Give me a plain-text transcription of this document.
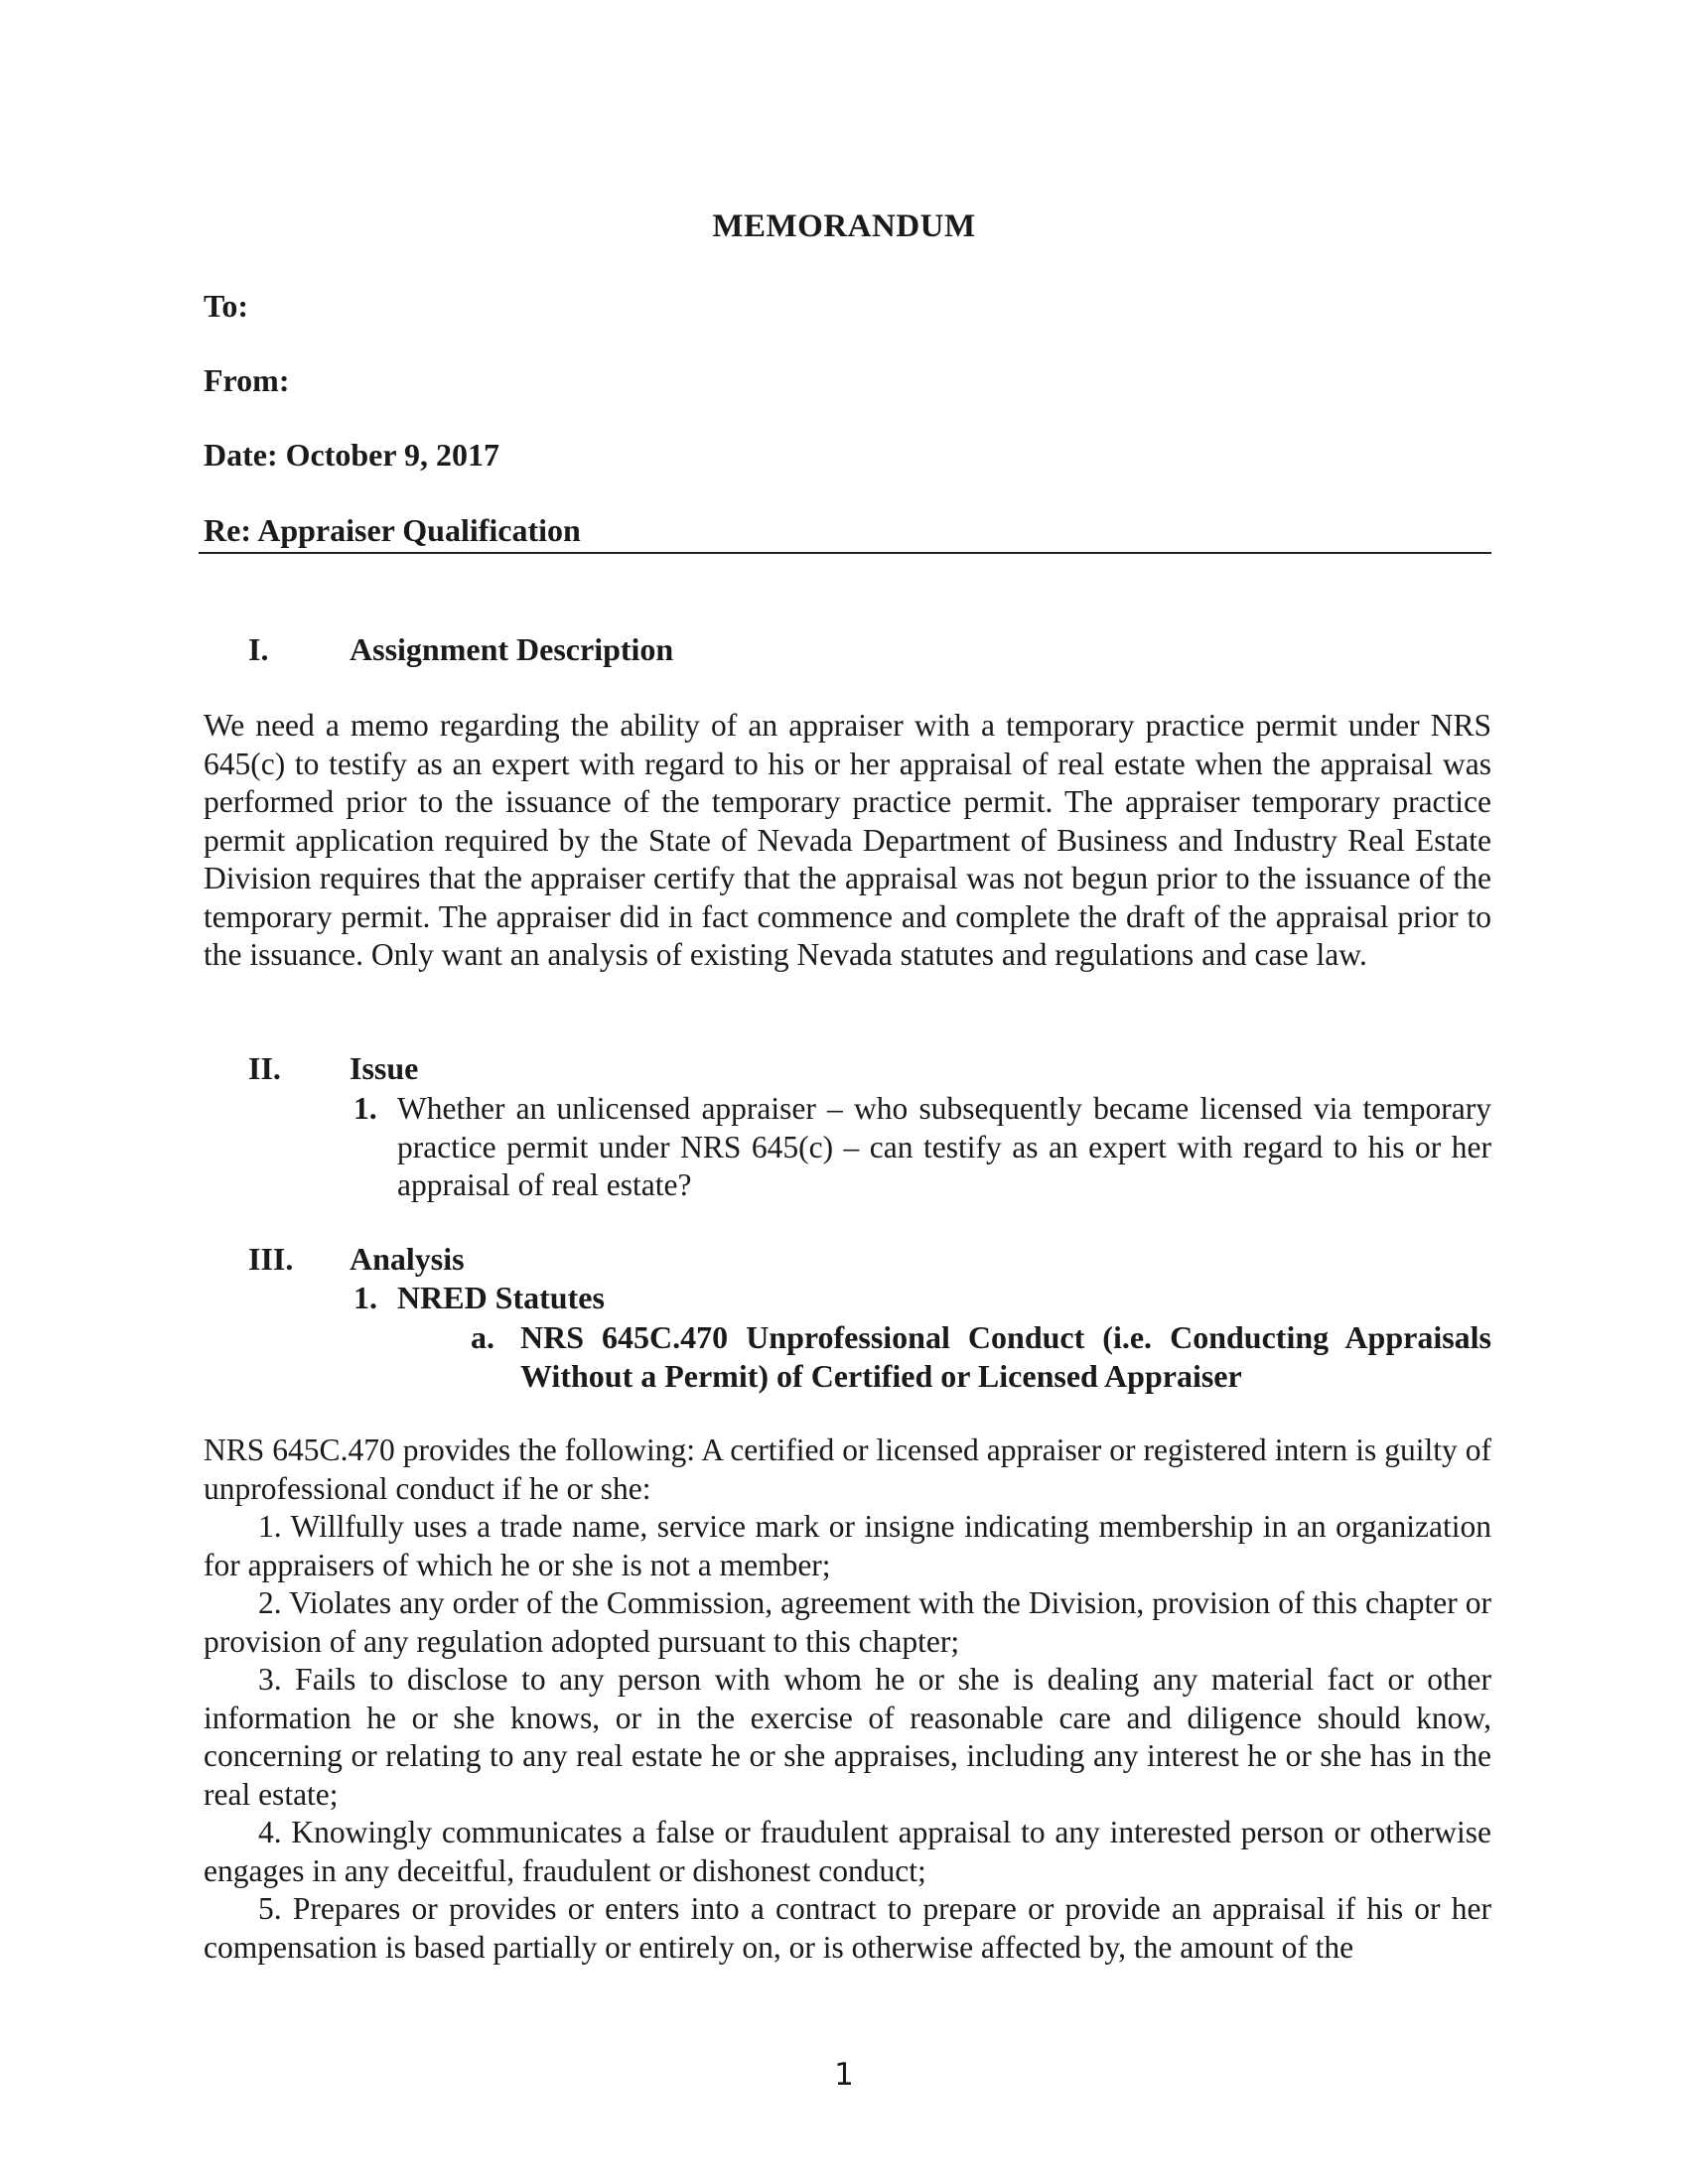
MEMORANDUM
To:
From:
Date: October 9, 2017
Re: Appraiser Qualification
I.	Assignment Description
We need a memo regarding the ability of an appraiser with a temporary practice permit under NRS 645(c) to testify as an expert with regard to his or her appraisal of real estate when the appraisal was performed prior to the issuance of the temporary practice permit. The appraiser temporary practice permit application required by the State of Nevada Department of Business and Industry Real Estate Division requires that the appraiser certify that the appraisal was not begun prior to the issuance of the temporary permit. The appraiser did in fact commence and complete the draft of the appraisal prior to the issuance. Only want an analysis of existing Nevada statutes and regulations and case law.
II. Issue
1. Whether an unlicensed appraiser – who subsequently became licensed via temporary practice permit under NRS 645(c) – can testify as an expert with regard to his or her appraisal of real estate?
III. Analysis
1. NRED Statutes
a. NRS 645C.470 Unprofessional Conduct (i.e. Conducting Appraisals Without a Permit) of Certified or Licensed Appraiser

NRS 645C.470 provides the following: A certified or licensed appraiser or registered intern is guilty of unprofessional conduct if he or she:

1. Willfully uses a trade name, service mark or insigne indicating membership in an organization for appraisers of which he or she is not a member;

2. Violates any order of the Commission, agreement with the Division, provision of this chapter or provision of any regulation adopted pursuant to this chapter;

3. Fails to disclose to any person with whom he or she is dealing any material fact or other information he or she knows, or in the exercise of reasonable care and diligence should know, concerning or relating to any real estate he or she appraises, including any interest he or she has in the real estate;

4. Knowingly communicates a false or fraudulent appraisal to any interested person or otherwise engages in any deceitful, fraudulent or dishonest conduct;

5. Prepares or provides or enters into a contract to prepare or provide an appraisal if his or her compensation is based partially or entirely on, or is otherwise affected by, the amount of the

1
